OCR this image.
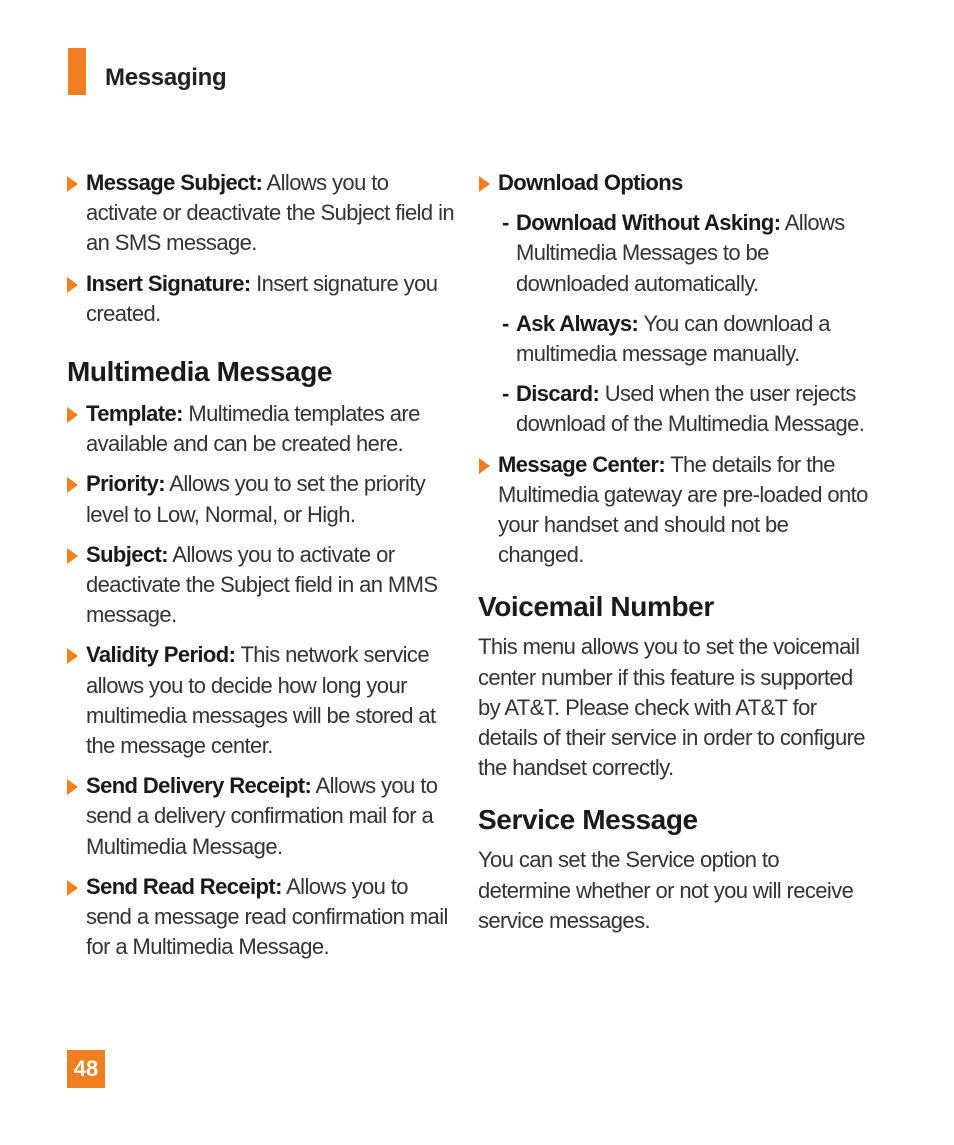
Messaging
Message Subject: Allows you to activate or deactivate the Subject field in an SMS message.
Insert Signature: Insert signature you created.
Multimedia Message
Template: Multimedia templates are available and can be created here.
Priority: Allows you to set the priority level to Low, Normal, or High.
Subject: Allows you to activate or deactivate the Subject field in an MMS message.
Validity Period: This network service allows you to decide how long your multimedia messages will be stored at the message center.
Send Delivery Receipt: Allows you to send a delivery confirmation mail for a Multimedia Message.
Send Read Receipt: Allows you to send a message read confirmation mail for a Multimedia Message.
Download Options
- Download Without Asking: Allows Multimedia Messages to be downloaded automatically.
- Ask Always: You can download a multimedia message manually.
- Discard: Used when the user rejects download of the Multimedia Message.
Message Center: The details for the Multimedia gateway are pre-loaded onto your handset and should not be changed.
Voicemail Number
This menu allows you to set the voicemail center number if this feature is supported by AT&T. Please check with AT&T for details of their service in order to configure the handset correctly.
Service Message
You can set the Service option to determine whether or not you will receive service messages.
48
